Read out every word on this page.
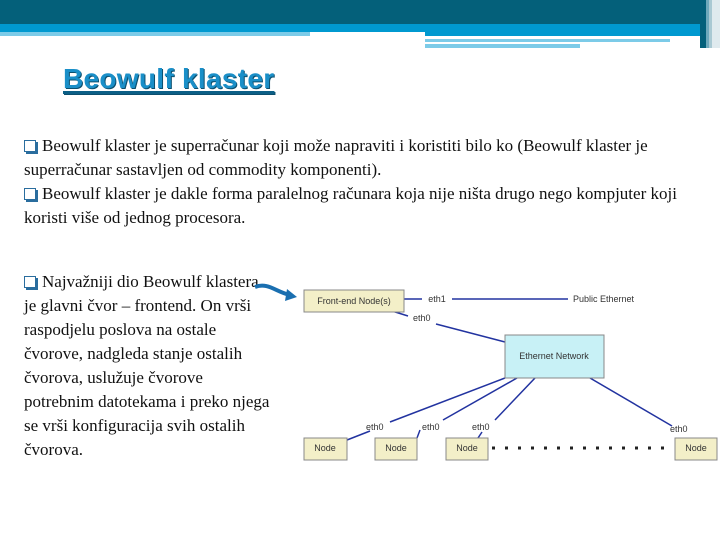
Beowulf klaster
Beowulf klaster je superračunar koji može napraviti i koristiti bilo ko (Beowulf klaster je superračunar sastavljen od commodity komponenti).
Beowulf klaster je dakle forma paralelnog računara koja nije ništa drugo nego kompjuter koji koristi više od jednog procesora.
Najvažniji dio Beowulf klastera je glavni čvor – frontend. On vrši raspodjelu poslova na ostale čvorove, nadgleda stanje ostalih čvorova, uslužuje čvorove potrebnim datotekama i preko njega se vrši konfiguracija svih ostalih čvorova.
Front-end Node(s)	eth1	Public Ethernet
eth0
Ethernet Network
eth0	eth0	eth0	eth0
Node	Node	Node	Node
